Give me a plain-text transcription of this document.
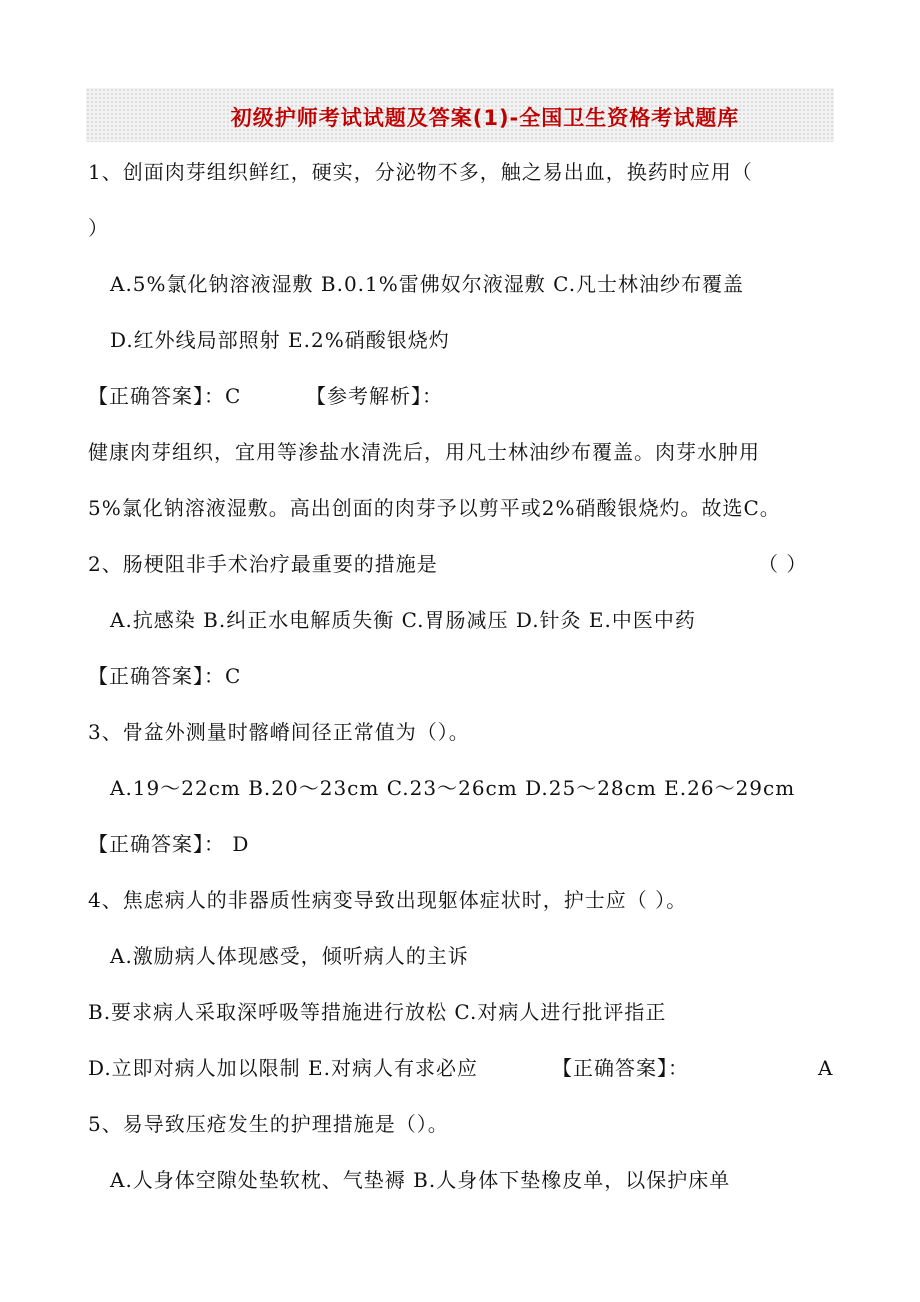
初级护师考试试题及答案(1)-全国卫生资格考试题库
1、创面肉芽组织鲜红，硬实，分泌物不多，触之易出血，换药时应用（
）
A.5%氯化钠溶液湿敷 B.0.1%雷佛奴尔液湿敷 C.凡士林油纱布覆盖
D.红外线局部照射 E.2%硝酸银烧灼
【正确答案】：C	【参考解析】：
健康肉芽组织，宜用等渗盐水清洗后，用凡士林油纱布覆盖。肉芽水肿用
5%氯化钠溶液湿敷。高出创面的肉芽予以剪平或2%硝酸银烧灼。故选C。
2、肠梗阻非手术治疗最重要的措施是	（ ）
A.抗感染 B.纠正水电解质失衡 C.胃肠减压 D.针灸 E.中医中药
【正确答案】：C
3、骨盆外测量时髂嵴间径正常值为（）。
A.19～22cm B.20～23cm C.23～26cm D.25～28cm E.26～29cm
【正确答案】： D
4、焦虑病人的非器质性病变导致出现躯体症状时，护士应（ ）。
A.激励病人体现感受，倾听病人的主诉
B.要求病人采取深呼吸等措施进行放松 C.对病人进行批评指正
D.立即对病人加以限制 E.对病人有求必应	【正确答案】：	A
5、易导致压疮发生的护理措施是（）。
A.人身体空隙处垫软枕、气垫褥 B.人身体下垫橡皮单，以保护床单
